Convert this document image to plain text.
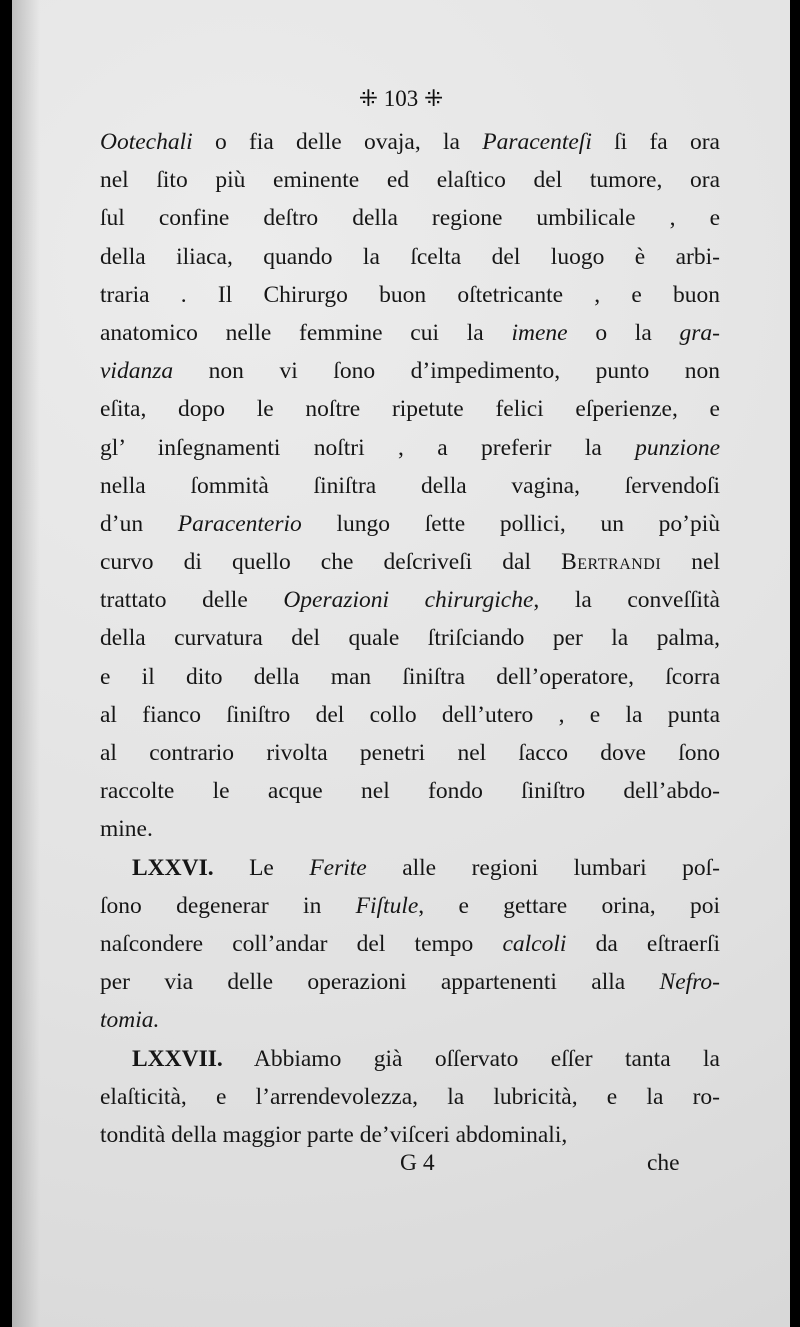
⁜ 103 ⁜
Ootechali o fia delle ovaja, la Paracenteſi ſi fa ora
nel ſito più eminente ed elaſtico del tumore, ora
ſul confine deſtro della regione umbilicale , e
della iliaca, quando la ſcelta del luogo è arbi-
traria . Il Chirurgo buon oſtetricante , e buon
anatomico nelle femmine cui la imene o la gra-
vidanza non vi ſono d’impedimento, punto non
eſita, dopo le noſtre ripetute felici eſperienze, e
gl’ inſegnamenti noſtri , a preferir la punzione
nella ſommità ſiniſtra della vagina, ſervendoſi
d’un Paracenterio lungo ſette pollici, un po’più
curvo di quello che deſcriveſi dal Bertrandi nel
trattato delle Operazioni chirurgiche, la conveſſità
della curvatura del quale ſtriſciando per la palma,
e il dito della man ſiniſtra dell’operatore, ſcorra
al fianco ſiniſtro del collo dell’utero , e la punta
al contrario rivolta penetri nel ſacco dove ſono
raccolte le acque nel fondo ſiniſtro dell’abdo-
mine.
LXXVI. Le Ferite alle regioni lumbari poſ-
ſono degenerar in Fiſtule, e gettare orina, poi
naſcondere coll’andar del tempo calcoli da eſtraerſi
per via delle operazioni appartenenti alla Nefro-
tomia.
LXXVII. Abbiamo già oſſervato eſſer tanta la
elaſticità, e l’arrendevolezza, la lubricità, e la ro-
tondità della maggior parte de’viſceri abdominali,
G 4	che
